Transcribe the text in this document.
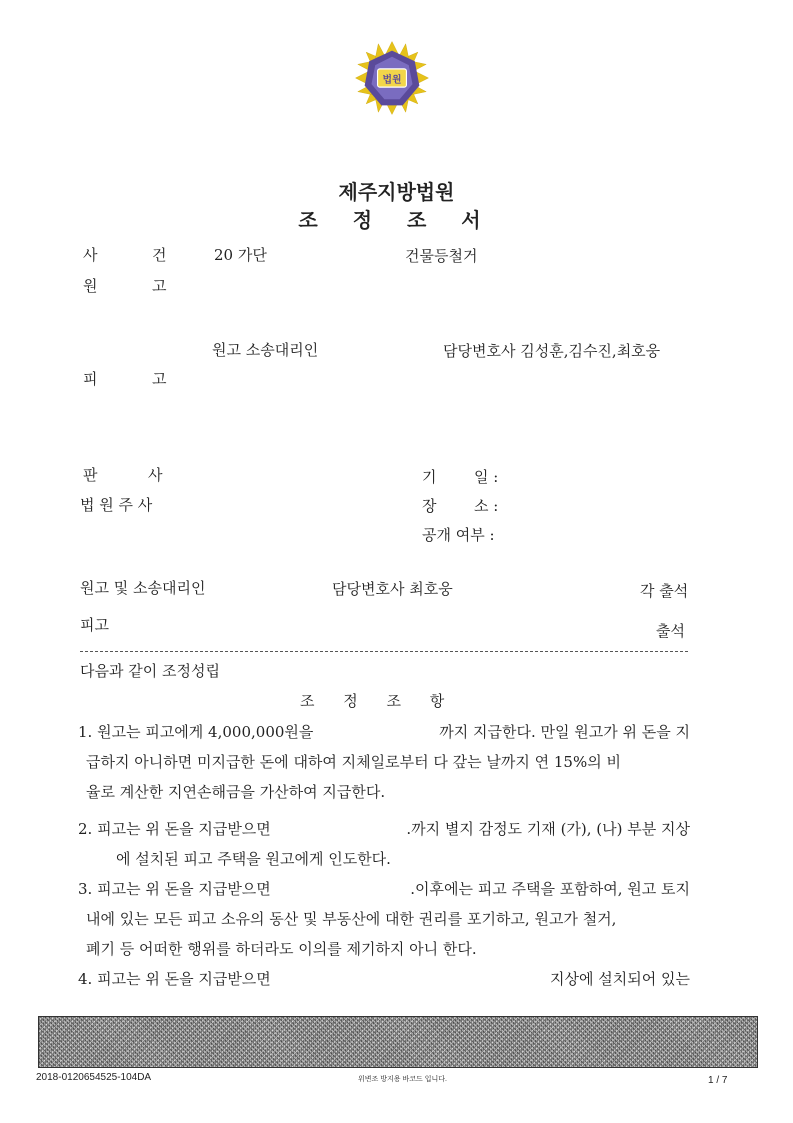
법원
제주지방법원
조 정 조 서
사	건	20 가단	건물등철거
원	고
원고 소송대리인	담당변호사 김성훈,김수진,최호웅
피	고
판	사
법 원 주 사
기	일 :
장	소 :
공개 여부 :
원고 및 소송대리인	담당변호사 최호웅	각 출석
피고	출석
다음과 같이 조정성립
조 정 조 항
1. 원고는 피고에게 4,000,000원을	까지 지급한다. 만일 원고가 위 돈을 지
급하지 아니하면 미지급한 돈에 대하여 지체일로부터 다 갚는 날까지 연 15%의 비
율로 계산한 지연손해금을 가산하여 지급한다.
2. 피고는 위 돈을 지급받으면	.까지 별지 감정도 기재 (가), (나) 부분 지상
에 설치된 피고 주택을 원고에게 인도한다.
3. 피고는 위 돈을 지급받으면	.이후에는 피고 주택을 포함하여, 원고 토지
내에 있는 모든 피고 소유의 동산 및 부동산에 대한 권리를 포기하고, 원고가 철거,
폐기 등 어떠한 행위를 하더라도 이의를 제기하지 아니 한다.
4. 피고는 위 돈을 지급받으면	지상에 설치되어 있는
2018-0120654525-104DA	위변조 방지용 바코드 입니다.	1 / 7
